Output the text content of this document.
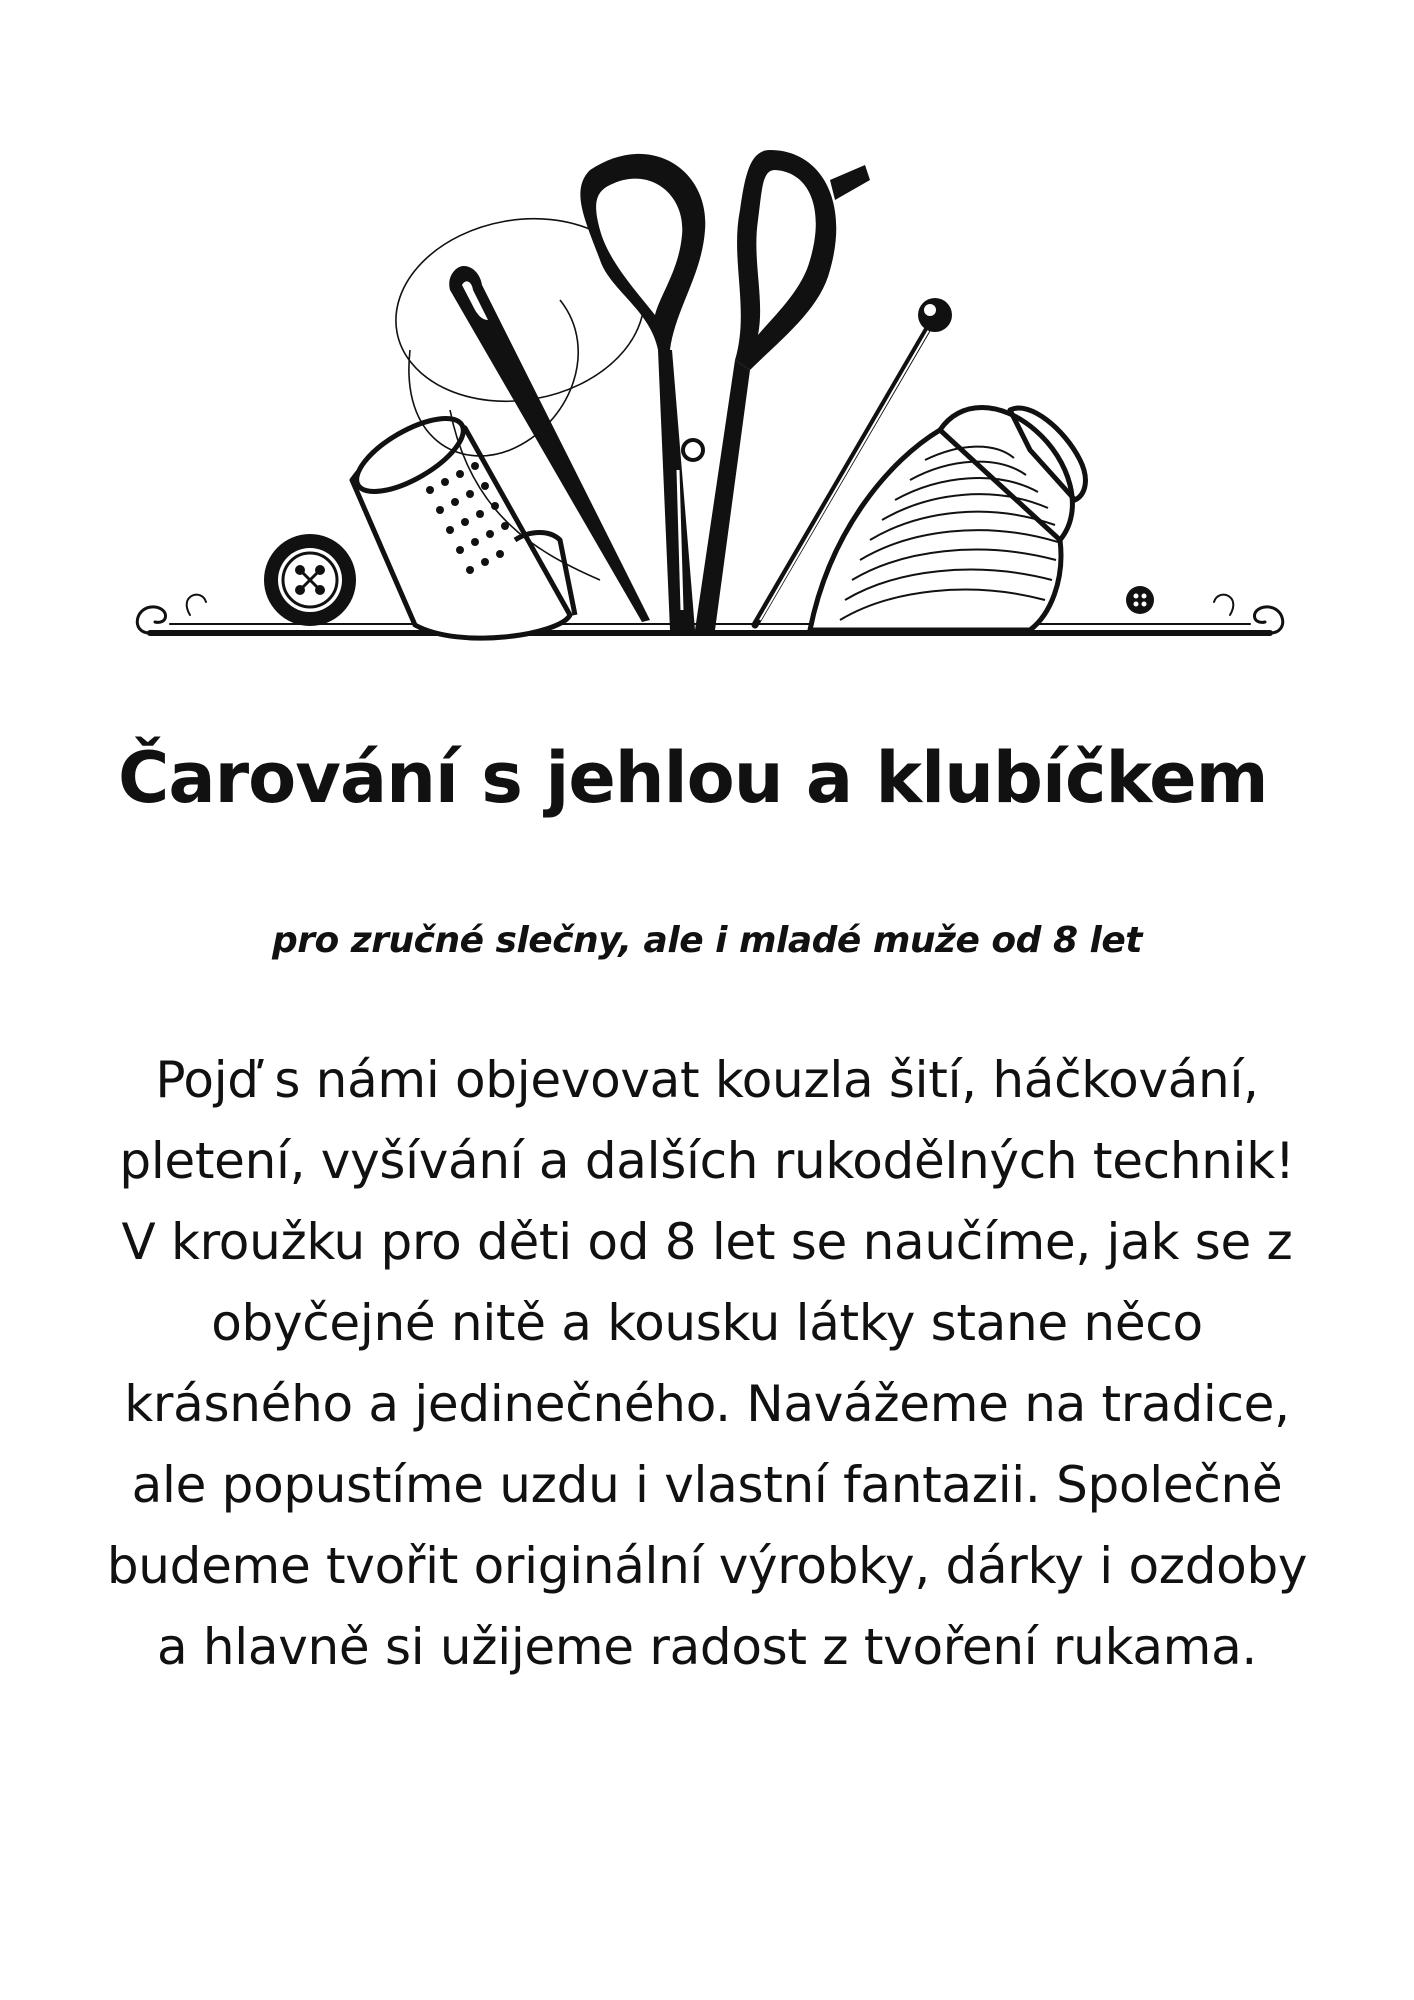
Čarování s jehlou a klubíčkem

pro zručné slečny, ale i mladé muže od 8 let

Pojď s námi objevovat kouzla šití, háčkování, pletení, vyšívání a dalších rukodělných technik! V kroužku pro děti od 8 let se naučíme, jak se z obyčejné nitě a kousku látky stane něco krásného a jedinečného. Navážeme na tradice, ale popustíme uzdu i vlastní fantazii. Společně budeme tvořit originální výrobky, dárky i ozdoby a hlavně si užijeme radost z tvoření rukama.
